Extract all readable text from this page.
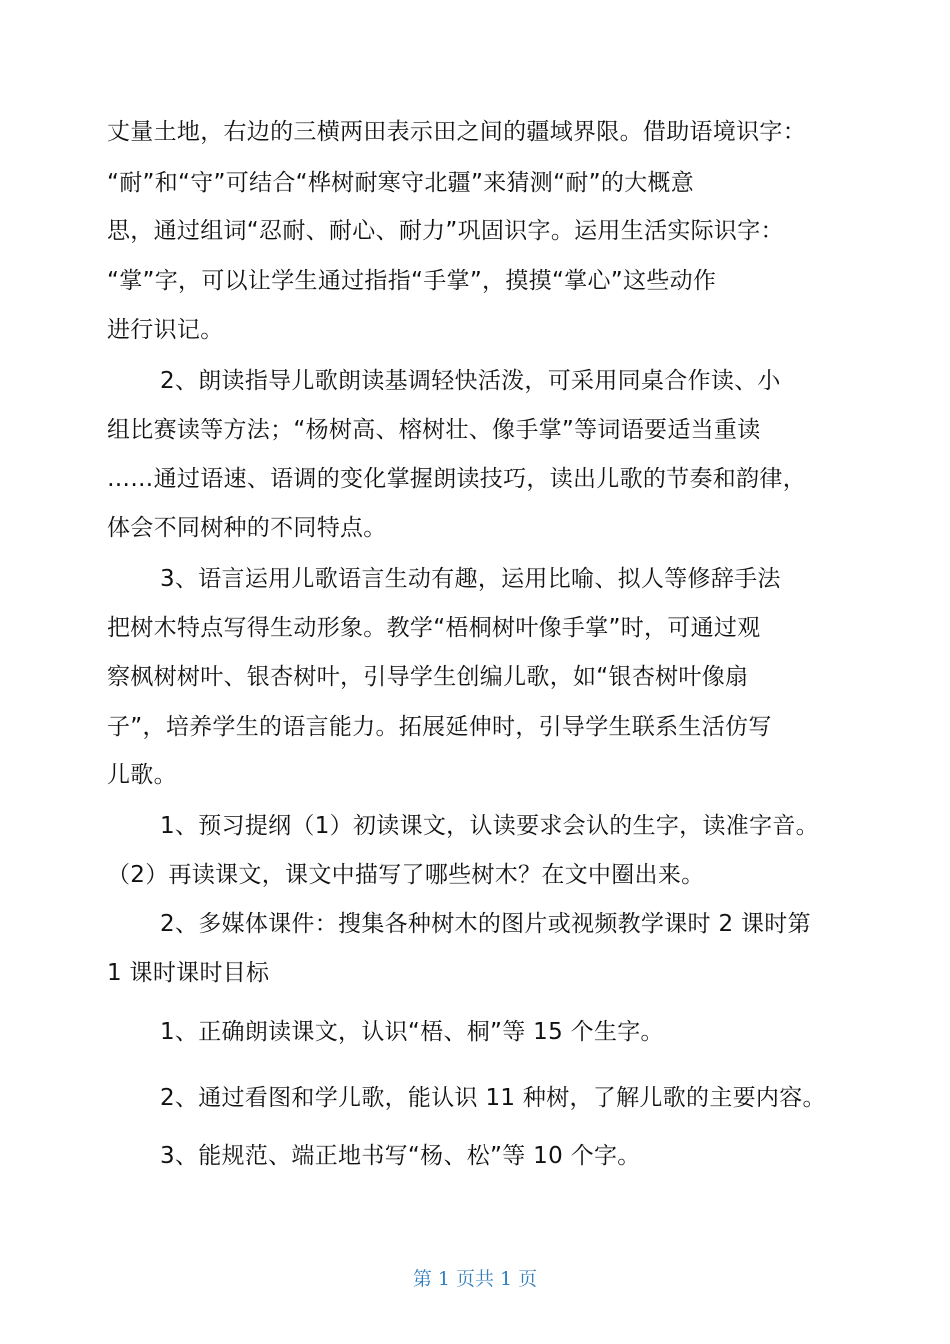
丈量土地，右边的三横两田表示田之间的疆域界限。借助语境识字：
“耐”和“守”可结合“桦树耐寒守北疆”来猜测“耐”的大概意
思，通过组词“忍耐、耐心、耐力”巩固识字。运用生活实际识字：
“掌”字，可以让学生通过指指“手掌”，摸摸“掌心”这些动作
进行识记。
2、朗读指导儿歌朗读基调轻快活泼，可采用同桌合作读、小
组比赛读等方法；“杨树高、榕树壮、像手掌”等词语要适当重读
……通过语速、语调的变化掌握朗读技巧，读出儿歌的节奏和韵律，
体会不同树种的不同特点。
3、语言运用儿歌语言生动有趣，运用比喻、拟人等修辞手法
把树木特点写得生动形象。教学“梧桐树叶像手掌”时，可通过观
察枫树树叶、银杏树叶，引导学生创编儿歌，如“银杏树叶像扇
子”，培养学生的语言能力。拓展延伸时，引导学生联系生活仿写
儿歌。
1、预习提纲（1）初读课文，认读要求会认的生字，读准字音。
（2）再读课文，课文中描写了哪些树木？在文中圈出来。
2、多媒体课件：搜集各种树木的图片或视频教学课时 2 课时第
1 课时课时目标
1、正确朗读课文，认识“梧、桐”等 15 个生字。
2、通过看图和学儿歌，能认识 11 种树，了解儿歌的主要内容。
3、能规范、端正地书写“杨、松”等 10 个字。
第 1 页共 1 页
